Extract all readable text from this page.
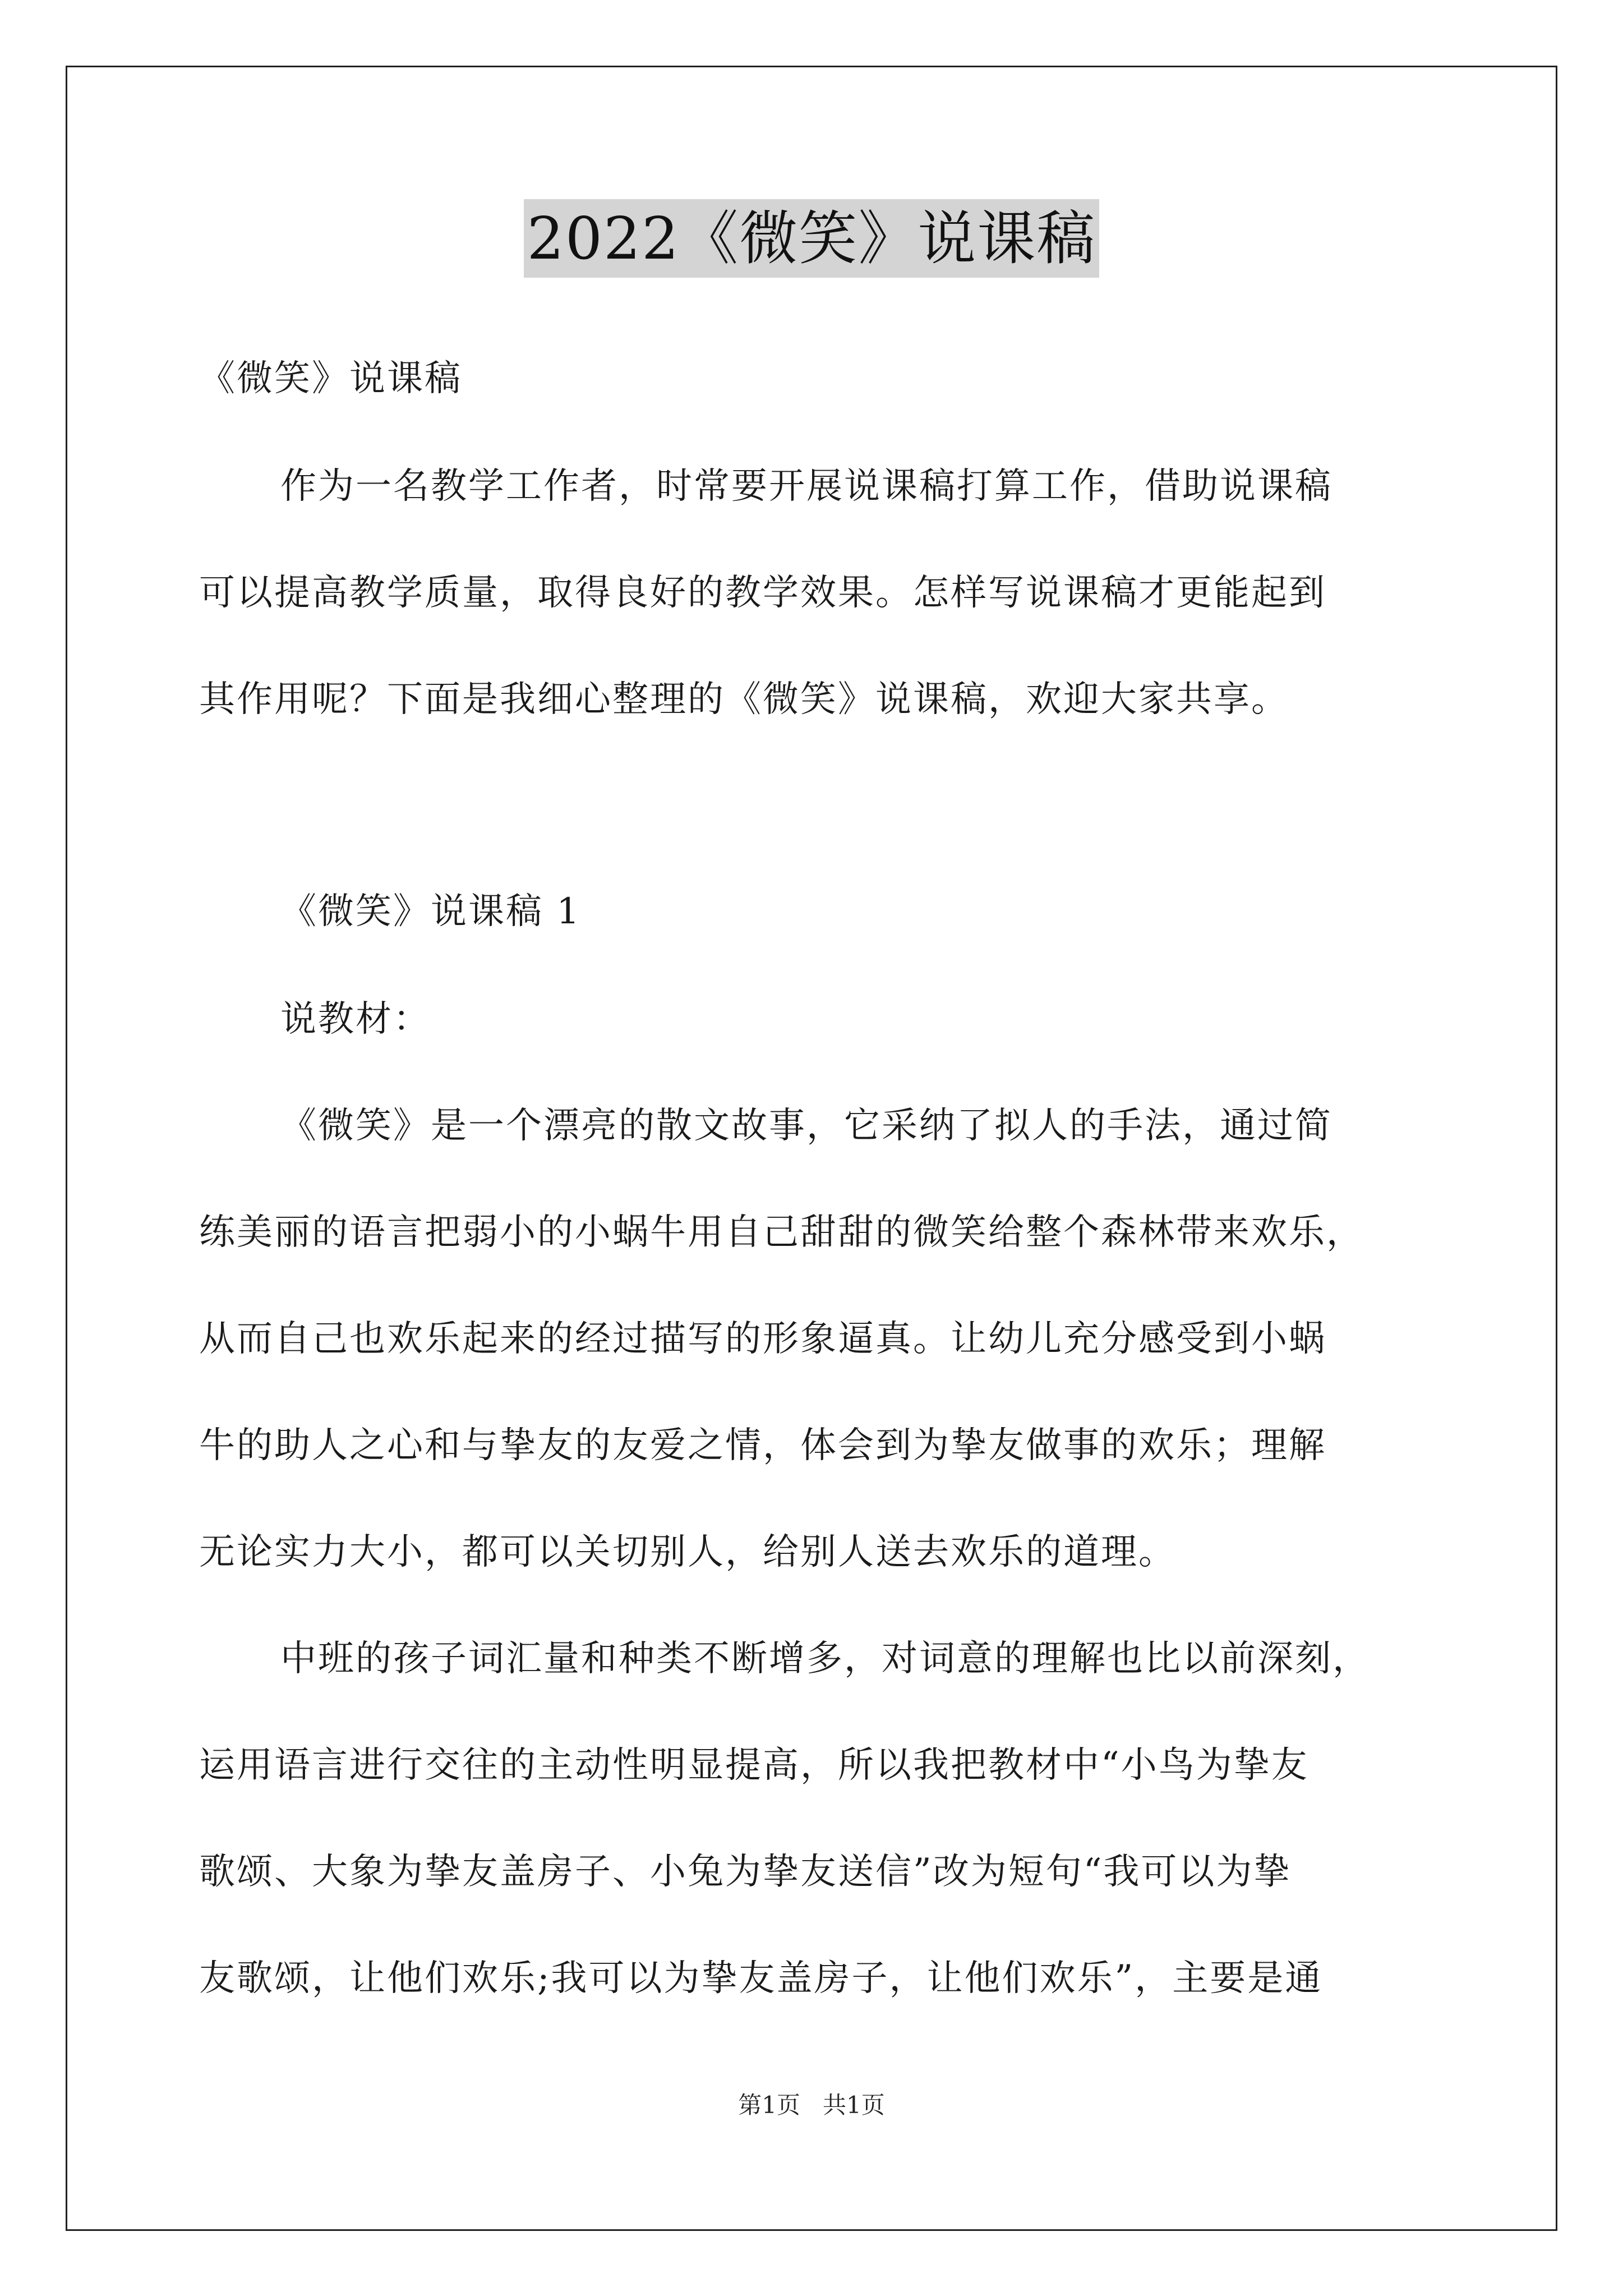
2022《微笑》说课稿
《微笑》说课稿
作为一名教学工作者，时常要开展说课稿打算工作，借助说课稿
可以提高教学质量，取得良好的教学效果。怎样写说课稿才更能起到
其作用呢？下面是我细心整理的《微笑》说课稿，欢迎大家共享。
《微笑》说课稿 1
说教材：
《微笑》是一个漂亮的散文故事，它采纳了拟人的手法，通过简
练美丽的语言把弱小的小蜗牛用自己甜甜的微笑给整个森林带来欢乐，
从而自己也欢乐起来的经过描写的形象逼真。让幼儿充分感受到小蜗
牛的助人之心和与挚友的友爱之情，体会到为挚友做事的欢乐；理解
无论实力大小，都可以关切别人，给别人送去欢乐的道理。
中班的孩子词汇量和种类不断增多，对词意的理解也比以前深刻，
运用语言进行交往的主动性明显提高，所以我把教材中“小鸟为挚友
歌颂、大象为挚友盖房子、小兔为挚友送信”改为短句“我可以为挚
友歌颂，让他们欢乐;我可以为挚友盖房子，让他们欢乐”，主要是通
第1页   共1页
